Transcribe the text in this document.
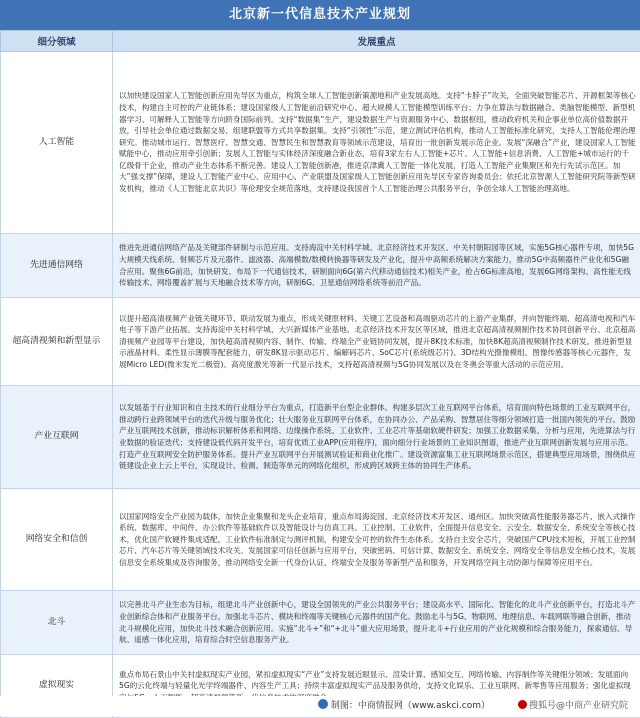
北京新一代信息技术产业规划
细分领域	发展重点
人工智能	以加快建设国家人工智能创新应用先导区为重点，构筑全球人工智能创新策源地和产业发展高地。支持“卡脖子”攻关，全面突破智能芯片、开源框架等核心技术，构建自主可控的产业链体系；建设国家级人工智能前沿研究中心、超大规模人工智能模型训练平台；力争在算法与数据融合、类脑智能模型、新型机器学习、可解释人工智能等方向跻身国际前列。支持“数据集”生产，建设数据生产与资源服务中心、数据枢纽，推动政府机关和企事业单位高价值数据开放，引导社会单位通过数据交易、组建联盟等方式共享数据集。支持“引领性”示范，建立测试评估机构，推动人工智能标准化研究，支持人工智能伦理治理研究。推动城市运行、智慧医疗、智慧交通、智慧民生和智慧教育等领域示范建设，培育出一批创新发展示范企业。发展“深融合”产业，建设国家人工智能赋能中心，推动应用牵引创新；发展人工智能与实体经济深度融合新业态，培育3家左右人工智能+芯片、人工智能+信息消费、人工智能+城市运行的千亿级骨干企业，推动产业生态体系不断完善。建设人工智能创新港，推进京津冀人工智能一体化发展，打造人工智能产业集聚区和先行先试示范区。加大“强支撑”保障，建设人工智能产业中心、应用中心、产业联盟及国家级人工智能创新应用先导区专家咨询委员会；依托北京智源人工智能研究院等新型研发机构，推动《人工智能北京共识》等伦理安全规范落地，支持建设我国首个人工智能治理公共服务平台，争创全球人工智能治理高地。
先进通信网络	推进先进通信网络产品及关键部件研制与示范应用。支持海淀中关村科学城、北京经济技术开发区、中关村朝阳园等区域，实施5G核心器件专项，加快5G大规模天线系统、射频芯片及元器件、滤波器、高端模数/数模转换器等研发及产业化，提升中高频系统解决方案能力，推动5G中高频器件产业化和5G融合应用。聚焦6G前沿，加快研发、布局下一代通信技术，研制面向6G(第六代移动通信技术)相关产业，抢占6G标准高地，发展6G网络架构、高性能无线传输技术、网络覆盖扩展与天地融合技术等方向，研制6G、卫星通信网络系统等前沿产品。
超高清视频和新型显示	以提升超高清视频产业链关键环节、联动发展为重点，形成关键原材料、关键工艺设备和高端驱动芯片的上游产业集群，并向智能终端、超高清电视和汽车电子等下游产业拓展。支持海淀中关村科学城、大兴新媒体产业基地、北京经济技术开发区等区域，推进北京超高清视频制作技术协同创新平台、北京超高清视频产业园等平台建设，加快超高清视频内容、制作、传输、终端全产业链协同发展，提升8K技术标准，加快8K超高清视频制作技术研发。推进新型显示液晶材料、柔性显示薄膜等配套能力，研发8K显示驱动芯片、编解码芯片、SoC芯片(系统级芯片)、3D结构光摄像模组、图像传感器等核心元器件，发展Micro LED(微米发光二极管)、高亮度激光等新一代显示技术，支持超高清视频与5G协同发展以及在冬奥会等重大活动的示范应用。
产业互联网	以发展基于行业知识和自主技术的行业细分平台为重点，打造新平台型企业群体。构建多层次工业互联网平台体系，培育面向特色场景的工业互联网平台，推动跨行业跨领域平台的迭代升级与服务优化；壮大服务业互联网平台体系，在协同办公、产品采购、智慧居住等细分领域打造一批国内领先的平台。鼓励产业互联网技术创新，推动标识解析体系和网络、边缘操作系统、工业软件、工业芯片等基础软硬件研发；加强工业数据采集、分析与应用，先进算法与行业数据的验证迭代；支持建设低代码开发平台，培育优质工业APP(应用程序)，面向细分行业场景的工业知识图谱，推进产业互联网创新发展与应用示范。打造产业互联网安全防护服务体系。提升产业互联网平台开展测试验证和商业化推广。建设资源富集工业互联网场景示范区，搭建典型应用场景，围绕供应链建设企业上云上平台，实现设计、检测、制造等单元的网络化组织，形成跨区域跨主体的协同生产体系。
网络安全和信创	以国家网络安全产业园为载体，加快企业集聚和龙头企业培育，重点布局海淀园、北京经济技术开发区、通州区。加快突破高性能服务器芯片、嵌入式操作系统、数据库、中间件、办公软件等基础软件以及智能设计与仿真工具、工业控制、工业软件，全面提升信息安全、云安全、数据安全、系统安全等核心技术，优化国产软硬件集成适配，工业软件标准制定与测评机制，构建安全可控的软件生态体系。支持自主安全芯片，突破国产CPU技术短板，开展工业控制芯片、汽车芯片等关键领域技术攻关。发展国家可信任创新与应用平台，突破密码、可信计算、数据安全、系统安全、网络安全等信息安全核心技术，发展信息安全系统集成及咨询服务，推动网络安全新一代身份认证、终端安全及服务等新型产品和服务，开发网络空间主动防御与保障等应用平台。
北斗	以完善北斗产业生态为目标，组建北斗产业创新中心，建设全国领先的产业公共服务平台；建设高水平、国际化、智能化的北斗产业创新平台，打造北斗产业创新综合体和产业服务平台，加强北斗芯片、模块和终端等关键核心元器件的国产化。鼓励北斗与5G、物联网、地理信息、车载网联等融合创新，推动北斗规模化应用，加快北斗技术融合创新应用。实施“北斗+”和“+北斗”重大应用场景，提升北斗+行业应用的产业化规模和综合服务能力，探索通信、导航、遥感一体化应用，培育综合时空信息服务产业。
虚拟现实	重点布局石景山中关村虚拟现实产业园，紧扣虚拟现实“产业”支持发展近眼显示、渲染计算、感知交互、网络传输、内容制作等关键细分领域；发展面向5G的云化终端与轻量化光学终端器件、内容生产工具；持续丰富虚拟现实产品及服务供给，支持文化娱乐、工业互联网、新零售等应用服务；强化虚拟现
制图：中商情报网（www.askci.com）	搜狐号@中商产业研究院
